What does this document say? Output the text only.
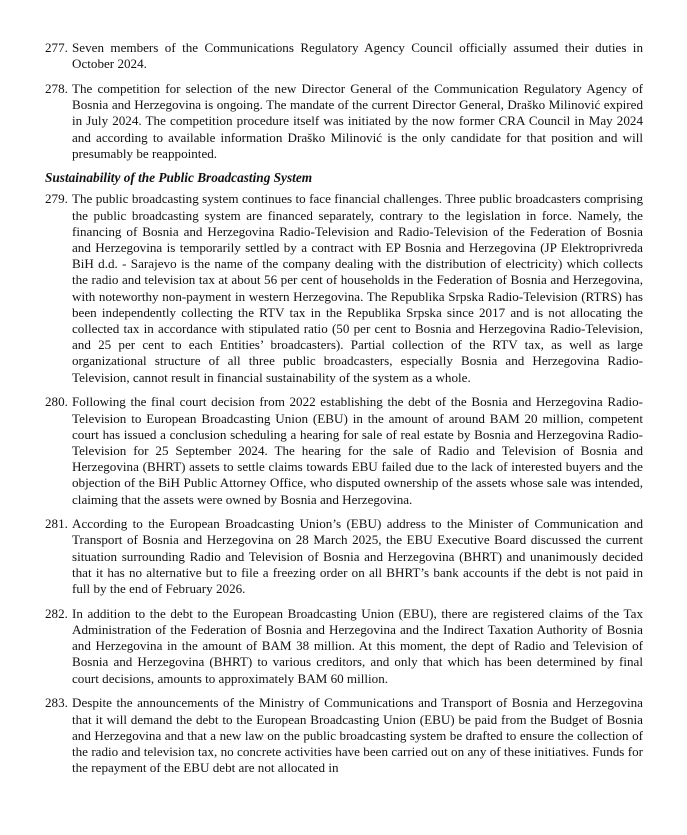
277. Seven members of the Communications Regulatory Agency Council officially assumed their duties in October 2024.
278. The competition for selection of the new Director General of the Communication Regulatory Agency of Bosnia and Herzegovina is ongoing. The mandate of the current Director General, Draško Milinović expired in July 2024. The competition procedure itself was initiated by the now former CRA Council in May 2024 and according to available information Draško Milinović is the only candidate for that position and will presumably be reappointed.
Sustainability of the Public Broadcasting System
279. The public broadcasting system continues to face financial challenges. Three public broadcasters comprising the public broadcasting system are financed separately, contrary to the legislation in force. Namely, the financing of Bosnia and Herzegovina Radio-Television and Radio-Television of the Federation of Bosnia and Herzegovina is temporarily settled by a contract with EP Bosnia and Herzegovina (JP Elektroprivreda BiH d.d. - Sarajevo is the name of the company dealing with the distribution of electricity) which collects the radio and television tax at about 56 per cent of households in the Federation of Bosnia and Herzegovina, with noteworthy non-payment in western Herzegovina. The Republika Srpska Radio-Television (RTRS) has been independently collecting the RTV tax in the Republika Srpska since 2017 and is not allocating the collected tax in accordance with stipulated ratio (50 per cent to Bosnia and Herzegovina Radio-Television, and 25 per cent to each Entities’ broadcasters). Partial collection of the RTV tax, as well as large organizational structure of all three public broadcasters, especially Bosnia and Herzegovina Radio-Television, cannot result in financial sustainability of the system as a whole.
280. Following the final court decision from 2022 establishing the debt of the Bosnia and Herzegovina Radio-Television to European Broadcasting Union (EBU) in the amount of around BAM 20 million, competent court has issued a conclusion scheduling a hearing for sale of real estate by Bosnia and Herzegovina Radio-Television for 25 September 2024. The hearing for the sale of Radio and Television of Bosnia and Herzegovina (BHRT) assets to settle claims towards EBU failed due to the lack of interested buyers and the objection of the BiH Public Attorney Office, who disputed ownership of the assets whose sale was intended, claiming that the assets were owned by Bosnia and Herzegovina.
281. According to the European Broadcasting Union’s (EBU) address to the Minister of Communication and Transport of Bosnia and Herzegovina on 28 March 2025, the EBU Executive Board discussed the current situation surrounding Radio and Television of Bosnia and Herzegovina (BHRT) and unanimously decided that it has no alternative but to file a freezing order on all BHRT’s bank accounts if the debt is not paid in full by the end of February 2026.
282. In addition to the debt to the European Broadcasting Union (EBU), there are registered claims of the Tax Administration of the Federation of Bosnia and Herzegovina and the Indirect Taxation Authority of Bosnia and Herzegovina in the amount of BAM 38 million. At this moment, the dept of Radio and Television of Bosnia and Herzegovina (BHRT) to various creditors, and only that which has been determined by final court decisions, amounts to approximately BAM 60 million.
283. Despite the announcements of the Ministry of Communications and Transport of Bosnia and Herzegovina that it will demand the debt to the European Broadcasting Union (EBU) be paid from the Budget of Bosnia and Herzegovina and that a new law on the public broadcasting system be drafted to ensure the collection of the radio and television tax, no concrete activities have been carried out on any of these initiatives. Funds for the repayment of the EBU debt are not allocated in
